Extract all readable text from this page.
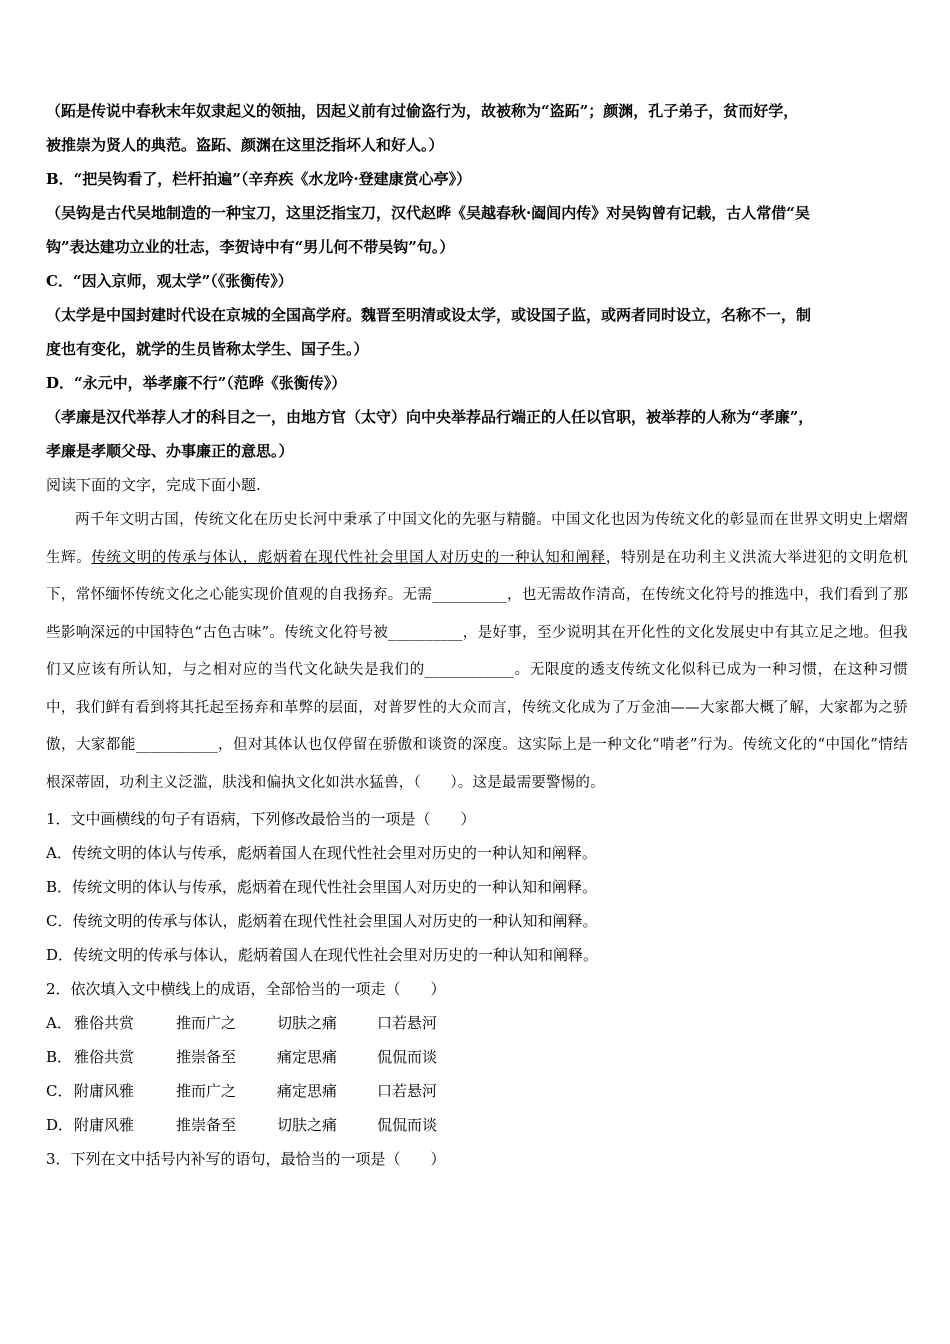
（跖是传说中春秋末年奴隶起义的领抽，因起义前有过偷盗行为，故被称为“盗跖”；颜渊，孔子弟子，贫而好学，
被推崇为贤人的典范。盗跖、颜渊在这里泛指坏人和好人。）
B．“把吴钩看了，栏杆拍遍”（辛弃疾《水龙吟·登建康赏心亭》）
（吴钩是古代吴地制造的一种宝刀，这里泛指宝刀，汉代赵晔《吴越春秋·阖闾内传》对吴钩曾有记载，古人常借“吴
钩”表达建功立业的壮志，李贺诗中有“男儿何不带吴钩”句。）
C．“因入京师，观太学”（《张衡传》）
（太学是中国封建时代设在京城的全国高学府。魏晋至明清或设太学，或设国子监，或两者同时设立，名称不一，制
度也有变化，就学的生员皆称太学生、国子生。）
D．“永元中，举孝廉不行”（范晔《张衡传》）
（孝廉是汉代举荐人才的科目之一，由地方官（太守）向中央举荐品行端正的人任以官职，被举荐的人称为“孝廉”，
孝廉是孝顺父母、办事廉正的意思。）
阅读下面的文字，完成下面小题.

两千年文明古国，传统文化在历史长河中秉承了中国文化的先驱与精髓。中国文化也因为传统文化的彰显而在世界文明史上熠熠生辉。传统文明的传承与体认，彪炳着在现代性社会里国人对历史的一种认知和阐释，特别是在功利主义洪流大举进犯的文明危机下，常怀缅怀传统文化之心能实现价值观的自我扬弃。无需__________，也无需故作清高，在传统文化符号的推选中，我们看到了那些影响深远的中国特色“古色古味”。传统文化符号被__________，是好事，至少说明其在开化性的文化发展史中有其立足之地。但我们又应该有所认知，与之相对应的当代文化缺失是我们的____________。无限度的透支传统文化似科已成为一种习惯，在这种习惯中，我们鲜有看到将其托起至扬弃和革弊的层面，对普罗性的大众而言，传统文化成为了万金油——大家都大概了解，大家都为之骄傲，大家都能___________，但对其体认也仅停留在骄傲和谈资的深度。这实际上是一种文化“啃老”行为。传统文化的“中国化”情结根深蒂固，功利主义泛滥，肤浅和偏执文化如洪水猛兽，（　　）。这是最需要警惕的。

1．文中画横线的句子有语病，下列修改最恰当的一项是（　　）
A．传统文明的体认与传承，彪炳着国人在现代性社会里对历史的一种认知和阐释。
B．传统文明的体认与传承，彪炳着在现代性社会里国人对历史的一种认知和阐释。
C．传统文明的传承与体认，彪炳着在现代性社会里国人对历史的一种认知和阐释。
D．传统文明的传承与体认，彪炳着国人在现代性社会里对历史的一种认知和阐释。
2．依次填入文中横线上的成语，全部恰当的一项走（　　）
A． 雅俗共赏	推而广之	切肤之痛	口若悬河
B． 雅俗共赏	推崇备至	痛定思痛	侃侃而谈
C． 附庸风雅	推而广之	痛定思痛	口若悬河
D．附庸风雅	推崇备至	切肤之痛	侃侃而谈
3．下列在文中括号内补写的语句，最恰当的一项是（　　）
